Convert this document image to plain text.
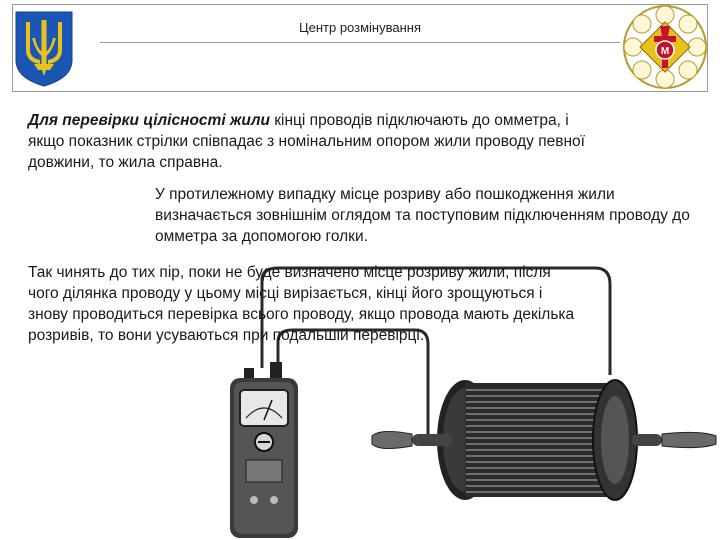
Центр розмінування
M
Для перевірки цілісності жили кінці проводів підключають до омметра, і якщо показник стрілки співпадає з номінальним опором жили проводу певної довжини, то жила справна.
У протилежному випадку місце розриву або пошкодження жили визначається зовнішнім оглядом та поступовим підключенням проводу до омметра за допомогою голки.
Так чинять до тих пір, поки не буде визначено місце розриву жили, після чого ділянка проводу у цьому місці вирізається, кінці його зрощуються і знову проводиться перевірка всього проводу, якщо провода мають декілька розривів, то вони усуваються при подальшій перевірці.
